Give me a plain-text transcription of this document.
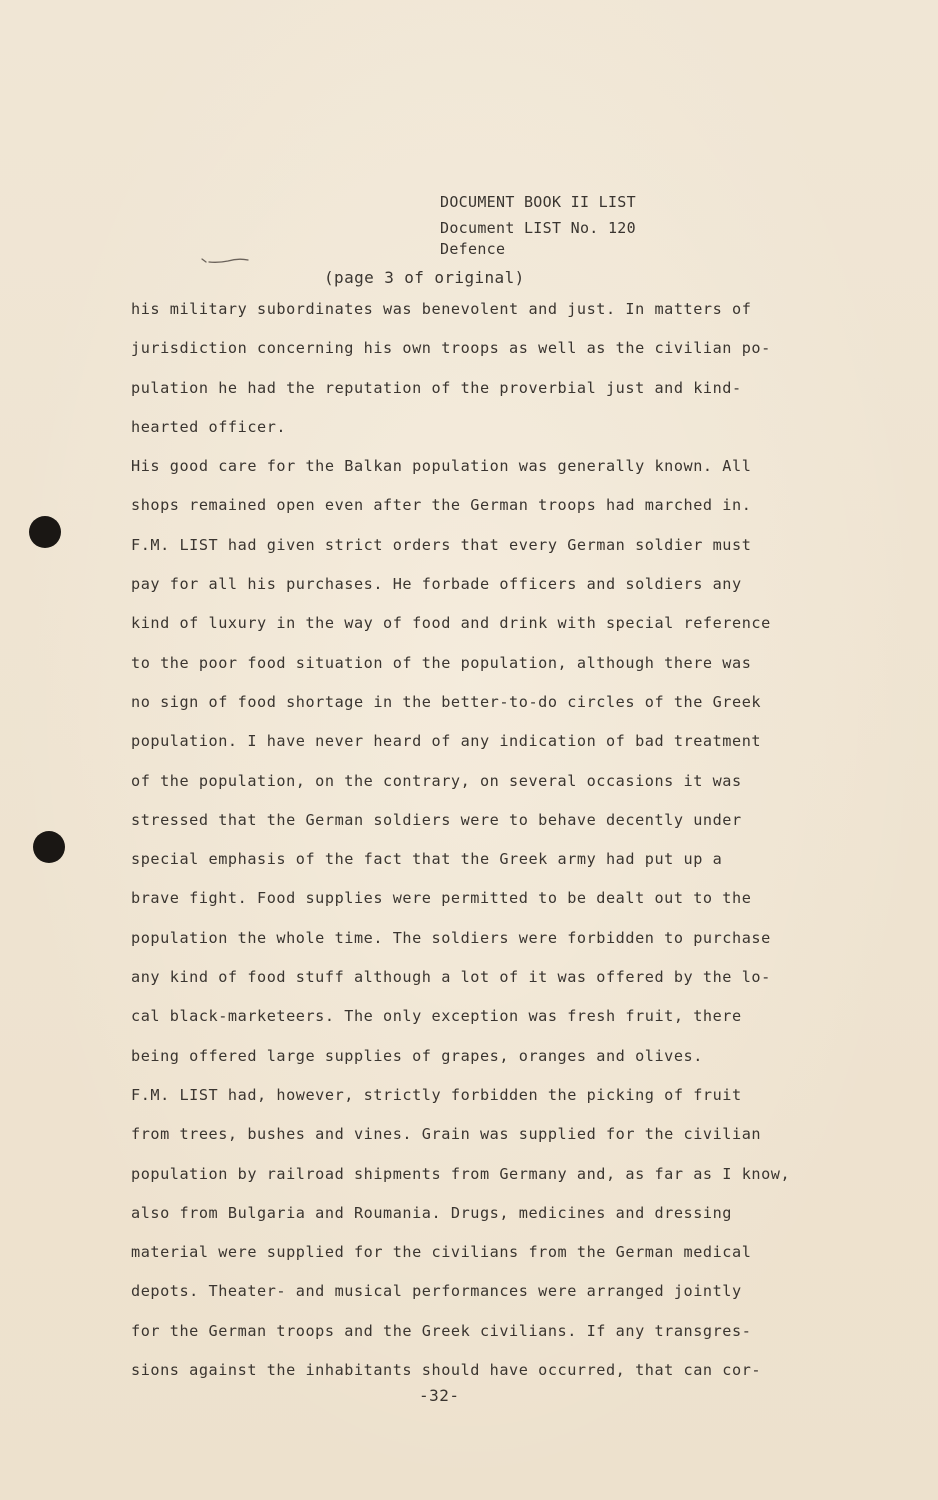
DOCUMENT BOOK II LIST
Document LIST No. 120
Defence
(page 3 of original)
his military subordinates was benevolent and just. In matters of
jurisdiction concerning his own troops as well as the civilian po-
pulation he had the reputation of the proverbial just and kind-
hearted officer.
His good care for the Balkan population was generally known. All
shops remained open even after the German troops had marched in.
F.M. LIST had given strict orders that every German soldier must
pay for all his purchases. He forbade officers and soldiers any
kind of luxury in the way of food and drink with special reference
to the poor food situation of the population, although there was
no sign of food shortage in the better-to-do circles of the Greek
population. I have never heard of any indication of bad treatment
of the population, on the contrary, on several occasions it was
stressed that the German soldiers were to behave decently under
special emphasis of the fact that the Greek army had put up a
brave fight. Food supplies were permitted to be dealt out to the
population the whole time. The soldiers were forbidden to purchase
any kind of food stuff although a lot of it was offered by the lo-
cal black-marketeers. The only exception was fresh fruit, there
being offered large supplies of grapes, oranges and olives.
F.M. LIST had, however, strictly forbidden the picking of fruit
from trees, bushes and vines. Grain was supplied for the civilian
population by railroad shipments from Germany and, as far as I know,
also from Bulgaria and Roumania. Drugs, medicines and dressing
material were supplied for the civilians from the German medical
depots. Theater- and musical performances were arranged jointly
for the German troops and the Greek civilians. If any transgres-
sions against the inhabitants should have occurred, that can cor-
-32-
